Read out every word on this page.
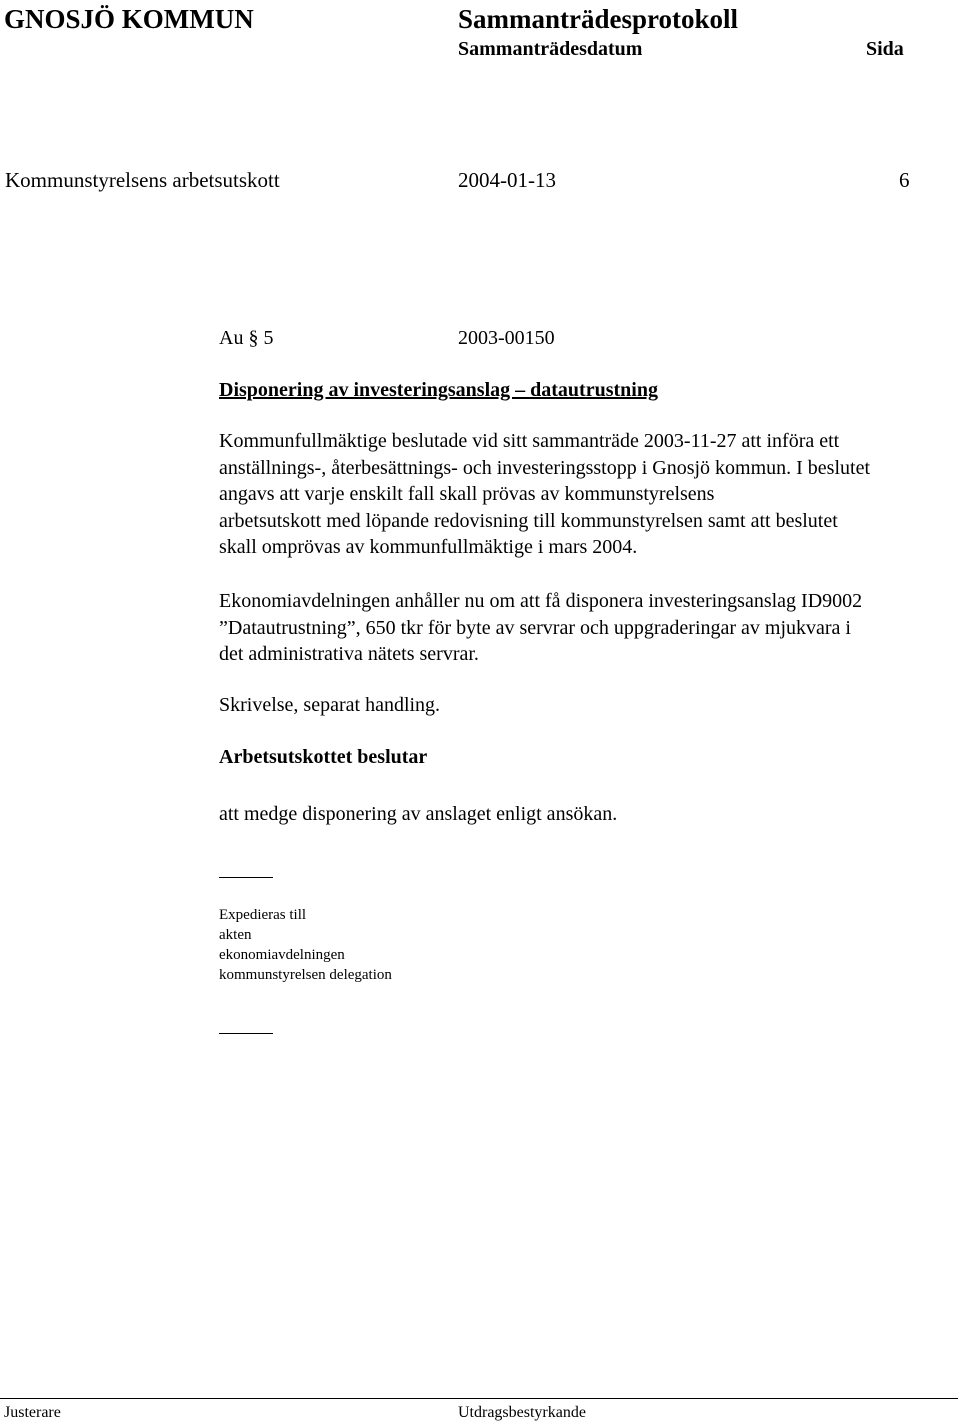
GNOSJÖ KOMMUN	Sammanträdesprotokoll
Sammanträdesdatum	Sida
Kommunstyrelsens arbetsutskott	2004-01-13	6
Au § 5	2003-00150
Disponering av investeringsanslag – datautrustning
Kommunfullmäktige beslutade vid sitt sammanträde 2003-11-27 att införa ett
anställnings-, återbesättnings- och investeringsstopp i Gnosjö kommun. I beslutet
angavs att varje enskilt fall skall prövas av kommunstyrelsens
arbetsutskott med löpande redovisning till kommunstyrelsen samt att beslutet
skall omprövas av kommunfullmäktige i mars 2004.
Ekonomiavdelningen anhåller nu om att få disponera investeringsanslag ID9002
”Datautrustning”, 650 tkr för byte av servrar och uppgraderingar av mjukvara i
det administrativa nätets servrar.
Skrivelse, separat handling.
Arbetsutskottet beslutar
att medge disponering av anslaget enligt ansökan.
Expedieras till
akten
ekonomiavdelningen
kommunstyrelsen delegation
Justerare	Utdragsbestyrkande
